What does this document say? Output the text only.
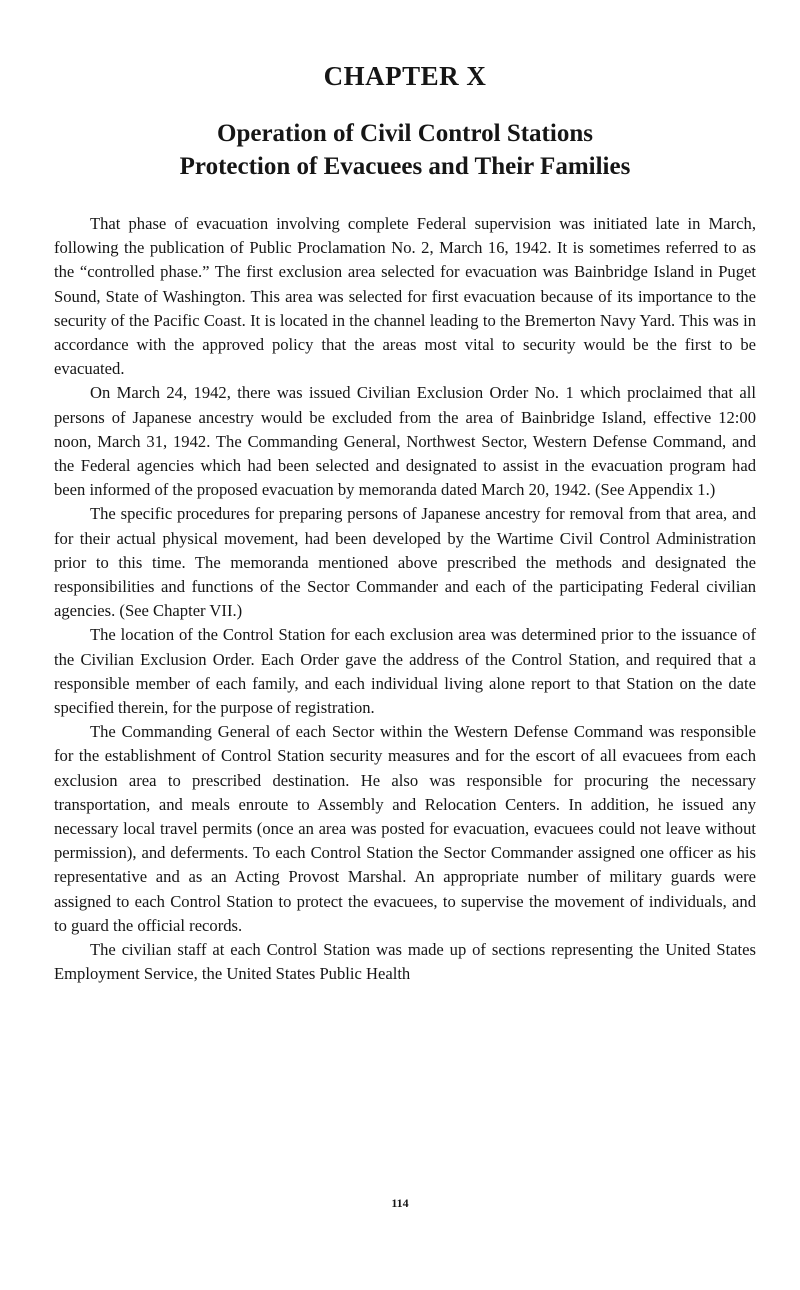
CHAPTER X
Operation of Civil Control Stations
Protection of Evacuees and Their Families

That phase of evacuation involving complete Federal supervision was initiated late in March, following the publication of Public Proclamation No. 2, March 16, 1942. It is sometimes referred to as the “controlled phase.” The first exclusion area selected for evacuation was Bainbridge Island in Puget Sound, State of Washington. This area was selected for first evacuation because of its importance to the security of the Pacific Coast. It is located in the channel leading to the Bremerton Navy Yard. This was in accordance with the approved policy that the areas most vital to security would be the first to be evacuated.

On March 24, 1942, there was issued Civilian Exclusion Order No. 1 which proclaimed that all persons of Japanese ancestry would be excluded from the area of Bainbridge Island, effective 12:00 noon, March 31, 1942. The Commanding General, Northwest Sector, Western Defense Command, and the Federal agencies which had been selected and designated to assist in the evacuation program had been informed of the proposed evacuation by memoranda dated March 20, 1942. (See Appendix 1.)

The specific procedures for preparing persons of Japanese ancestry for removal from that area, and for their actual physical movement, had been developed by the Wartime Civil Control Administration prior to this time. The memoranda mentioned above prescribed the methods and designated the responsibilities and functions of the Sector Commander and each of the participating Federal civilian agencies. (See Chapter VII.)

The location of the Control Station for each exclusion area was determined prior to the issuance of the Civilian Exclusion Order. Each Order gave the address of the Control Station, and required that a responsible member of each family, and each individual living alone report to that Station on the date specified therein, for the purpose of registration.

The Commanding General of each Sector within the Western Defense Command was responsible for the establishment of Control Station security measures and for the escort of all evacuees from each exclusion area to prescribed destination. He also was responsible for procuring the necessary transportation, and meals enroute to Assembly and Relocation Centers. In addition, he issued any necessary local travel permits (once an area was posted for evacuation, evacuees could not leave without permission), and deferments. To each Control Station the Sector Commander assigned one officer as his representative and as an Acting Provost Marshal. An appropriate number of military guards were assigned to each Control Station to protect the evacuees, to supervise the movement of individuals, and to guard the official records.

The civilian staff at each Control Station was made up of sections representing the United States Employment Service, the United States Public Health

114
